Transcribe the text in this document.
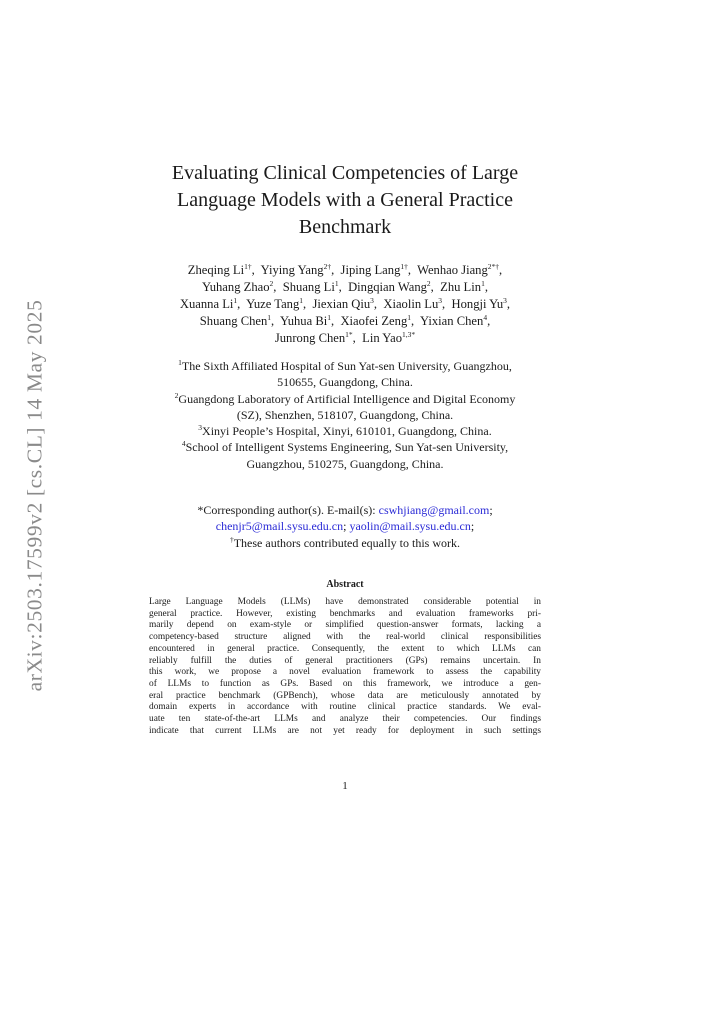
arXiv:2503.17599v2 [cs.CL] 14 May 2025
Evaluating Clinical Competencies of Large
Language Models with a General Practice
Benchmark
Zheqing $Li^{1\dagger}$,  Yiying Yang$^{2\dagger}$,  Jiping Lang$^{1\dagger}$,  Wenhao Jiang$^{2*\dagger}$,
Yuhang Zhao$^2$,  Shuang Li$^1$,  Dingqian Wang$^2$,  Zhu Lin$^1$,
Xuanna Li$^1$,  Yuze Tang$^1$,  Jiexian Qiu$^3$,  Xiaolin Lu$^3$,  Hongji Yu$^3$,
Shuang Chen$^1$,  Yuhua Bi$^1$,  Xiaofei Zeng$^1$,  Yixian Chen$^4$,
Junrong Chen$^{1*}$,  Lin Yao$^{1,3*}$
$^1$The Sixth Affiliated Hospital of Sun Yat-sen University, Guangzhou,
510655, Guangdong, China.
$^2$Guangdong Laboratory of Artificial Intelligence and Digital Economy
(SZ), Shenzhen, 518107, Guangdong, China.
$^3$Xinyi People’s Hospital, Xinyi, 610101, Guangdong, China.
$^4$School of Intelligent Systems Engineering, Sun Yat-sen University,
Guangzhou, 510275, Guangdong, China.
*Corresponding author(s). E-mail(s): cswhjiang@gmail.com;
chenjr5@mail.sysu.edu.cn; yaolin@mail.sysu.edu.cn;
†These authors contributed equally to this work.
Abstract
Large Language Models (LLMs) have demonstrated considerable potential in
general practice. However, existing benchmarks and evaluation frameworks pri-
marily depend on exam-style or simplified question-answer formats, lacking a
competency-based structure aligned with the real-world clinical responsibilities
encountered in general practice. Consequently, the extent to which LLMs can
reliably fulfill the duties of general practitioners (GPs) remains uncertain. In
this work, we propose a novel evaluation framework to assess the capability
of LLMs to function as GPs. Based on this framework, we introduce a gen-
eral practice benchmark (GPBench), whose data are meticulously annotated by
domain experts in accordance with routine clinical practice standards. We eval-
uate ten state-of-the-art LLMs and analyze their competencies. Our findings
indicate that current LLMs are not yet ready for deployment in such settings
1
